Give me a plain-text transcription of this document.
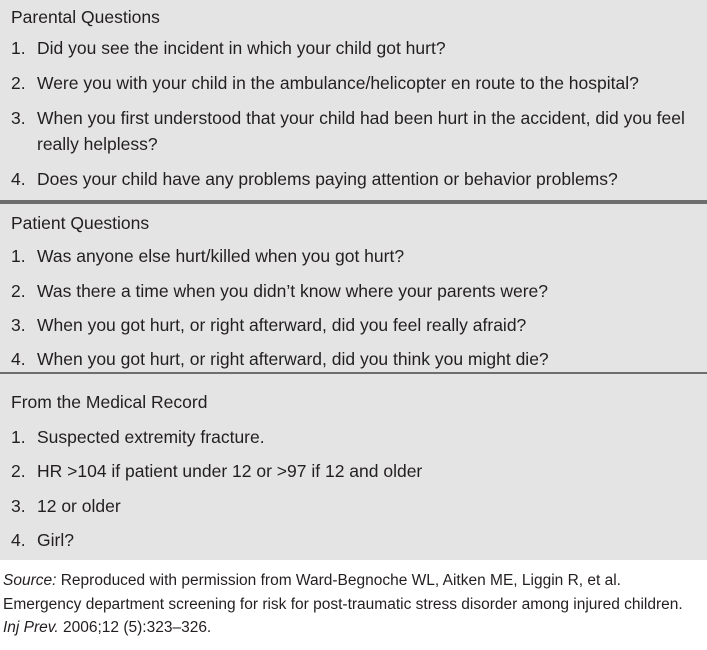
Parental Questions
1. Did you see the incident in which your child got hurt?
2. Were you with your child in the ambulance/helicopter en route to the hospital?
3. When you first understood that your child had been hurt in the accident, did you feel really helpless?
4. Does your child have any problems paying attention or behavior problems?
Patient Questions
1. Was anyone else hurt/killed when you got hurt?
2. Was there a time when you didn’t know where your parents were?
3. When you got hurt, or right afterward, did you feel really afraid?
4. When you got hurt, or right afterward, did you think you might die?
From the Medical Record
1. Suspected extremity fracture.
2. HR >104 if patient under 12 or >97 if 12 and older
3. 12 or older
4. Girl?

Source: Reproduced with permission from Ward-Begnoche WL, Aitken ME, Liggin R, et al. Emergency department screening for risk for post-traumatic stress disorder among injured children. Inj Prev. 2006;12 (5):323–326.
